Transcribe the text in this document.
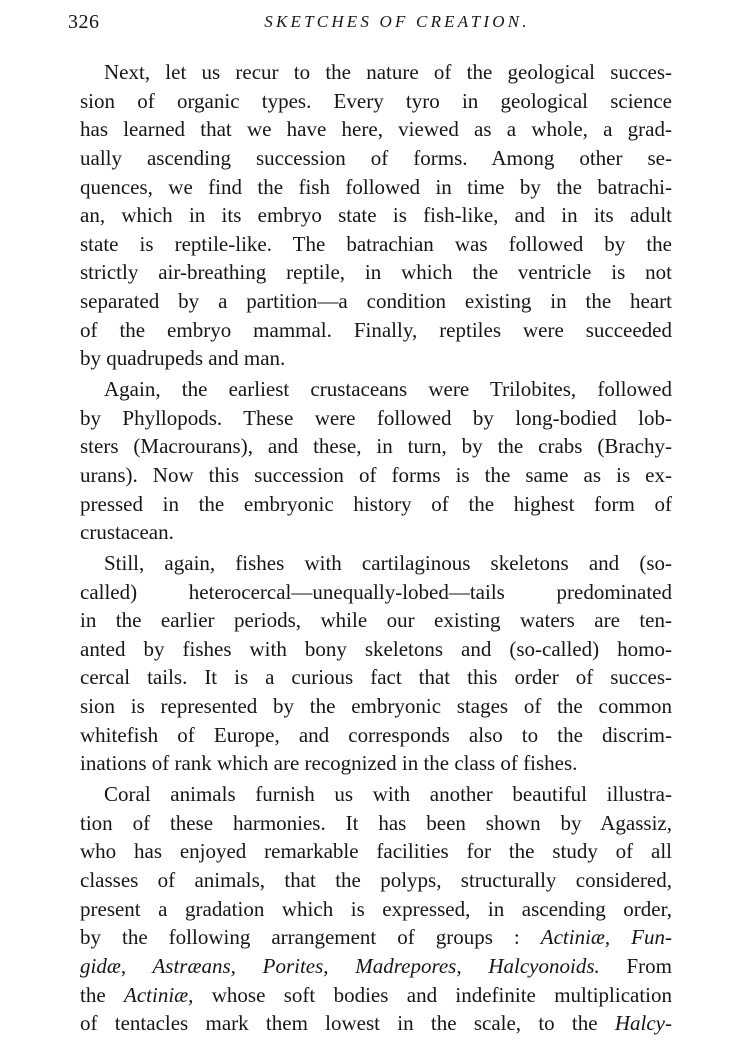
326	SKETCHES OF CREATION.
Next, let us recur to the nature of the geological succes-
sion of organic types. Every tyro in geological science
has learned that we have here, viewed as a whole, a grad-
ually ascending succession of forms. Among other se-
quences, we find the fish followed in time by the batrachi-
an, which in its embryo state is fish-like, and in its adult
state is reptile-like. The batrachian was followed by the
strictly air-breathing reptile, in which the ventricle is not
separated by a partition—a condition existing in the heart
of the embryo mammal. Finally, reptiles were succeeded
by quadrupeds and man.
Again, the earliest crustaceans were Trilobites, followed
by Phyllopods. These were followed by long-bodied lob-
sters (Macrourans), and these, in turn, by the crabs (Brachy-
urans). Now this succession of forms is the same as is ex-
pressed in the embryonic history of the highest form of
crustacean.
Still, again, fishes with cartilaginous skeletons and (so-
called) heterocercal—unequally-lobed—tails predominated
in the earlier periods, while our existing waters are ten-
anted by fishes with bony skeletons and (so-called) homo-
cercal tails. It is a curious fact that this order of succes-
sion is represented by the embryonic stages of the common
whitefish of Europe, and corresponds also to the discrim-
inations of rank which are recognized in the class of fishes.
Coral animals furnish us with another beautiful illustra-
tion of these harmonies. It has been shown by Agassiz,
who has enjoyed remarkable facilities for the study of all
classes of animals, that the polyps, structurally considered,
present a gradation which is expressed, in ascending order,
by the following arrangement of groups : Actiniæ, Fun-
gidæ, Astræans, Porites, Madrepores, Halcyonoids. From
the Actiniæ, whose soft bodies and indefinite multiplication
of tentacles mark them lowest in the scale, to the Halcy-
